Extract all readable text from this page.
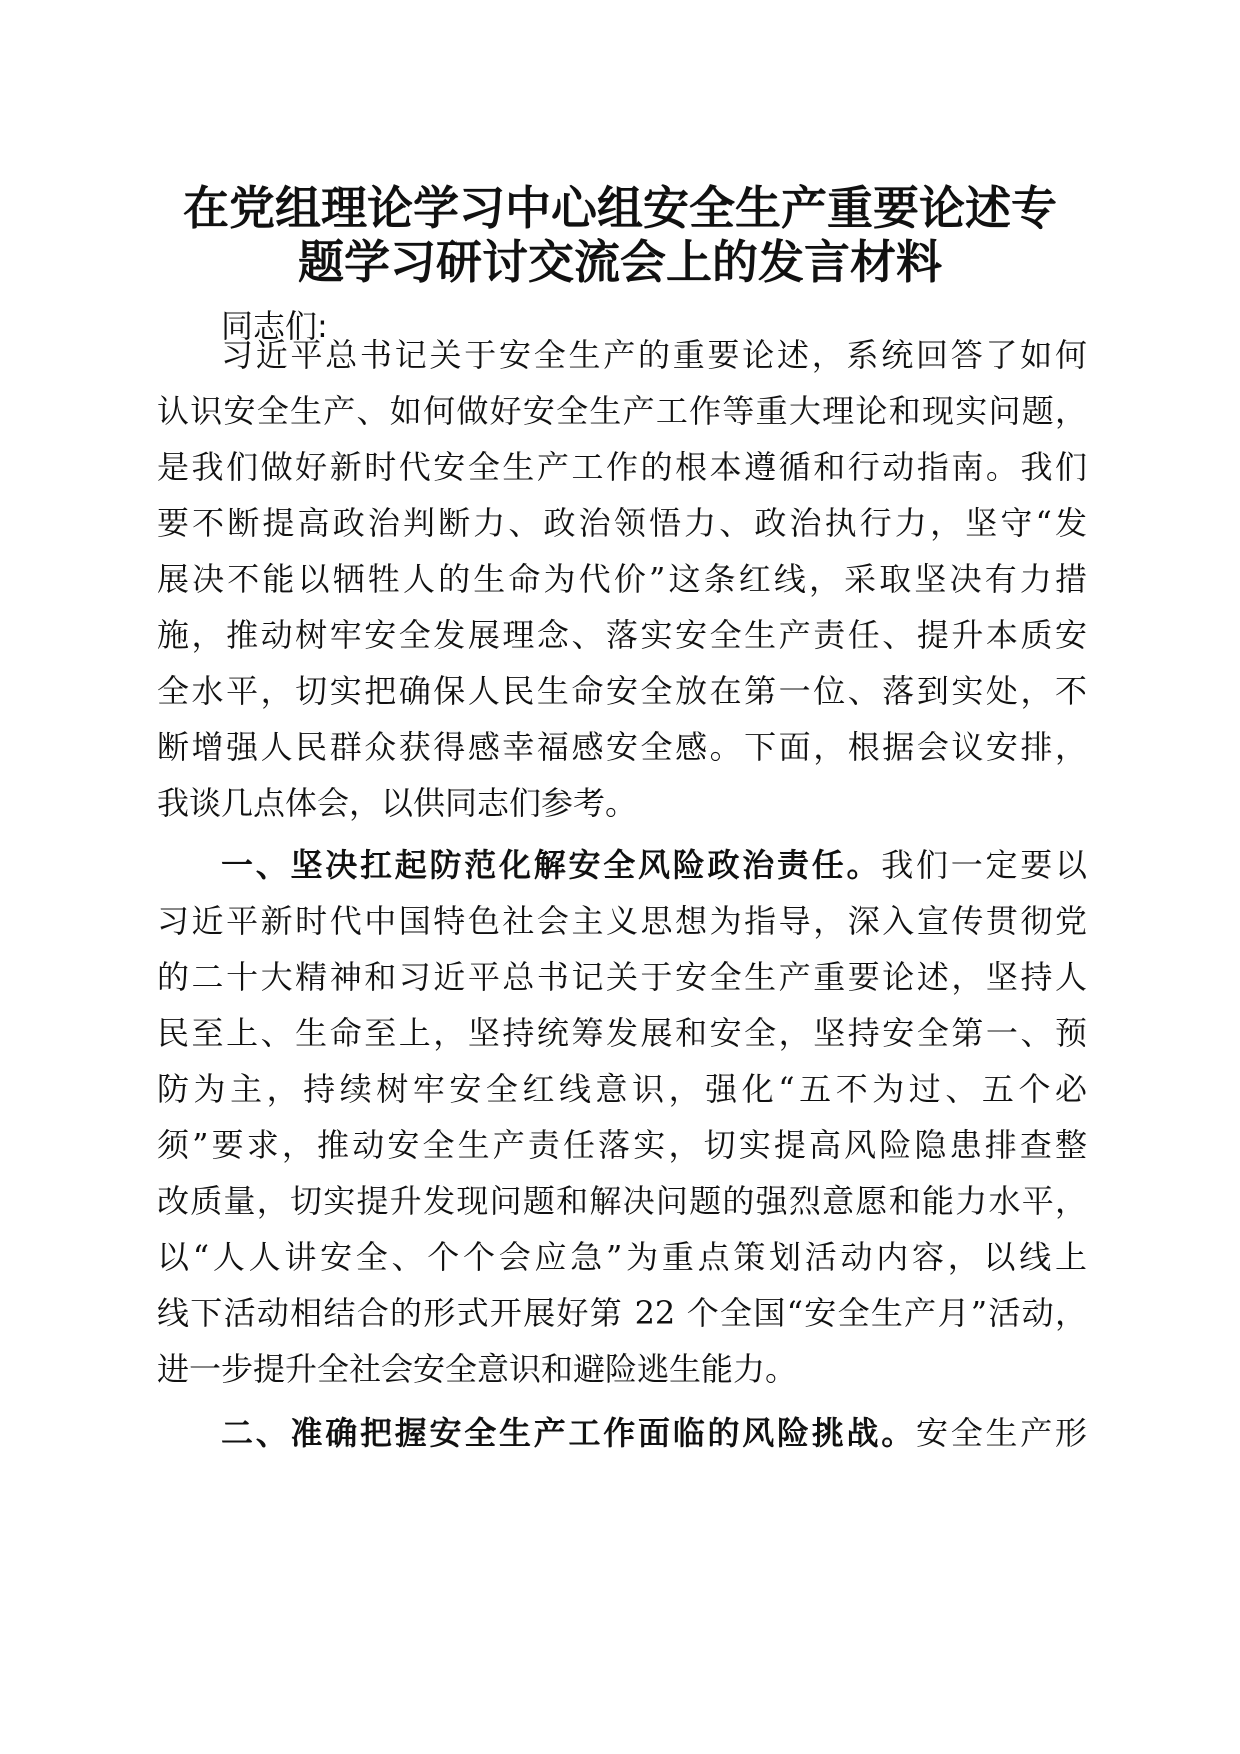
在党组理论学习中心组安全生产重要论述专
题学习研讨交流会上的发言材料
同志们:
习近平总书记关于安全生产的重要论述，系统回答了如何
认识安全生产、如何做好安全生产工作等重大理论和现实问题，
是我们做好新时代安全生产工作的根本遵循和行动指南。我们
要不断提高政治判断力、政治领悟力、政治执行力，坚守“发
展决不能以牺牲人的生命为代价”这条红线，采取坚决有力措
施，推动树牢安全发展理念、落实安全生产责任、提升本质安
全水平，切实把确保人民生命安全放在第一位、落到实处，不
断增强人民群众获得感幸福感安全感。下面，根据会议安排，
我谈几点体会，以供同志们参考。
一、坚决扛起防范化解安全风险政治责任。我们一定要以
习近平新时代中国特色社会主义思想为指导，深入宣传贯彻党
的二十大精神和习近平总书记关于安全生产重要论述，坚持人
民至上、生命至上，坚持统筹发展和安全，坚持安全第一、预
防为主，持续树牢安全红线意识，强化“五不为过、五个必
须”要求，推动安全生产责任落实，切实提高风险隐患排查整
改质量，切实提升发现问题和解决问题的强烈意愿和能力水平，
以“人人讲安全、个个会应急”为重点策划活动内容，以线上
线下活动相结合的形式开展好第 22 个全国“安全生产月”活动，
进一步提升全社会安全意识和避险逃生能力。
二、准确把握安全生产工作面临的风险挑战。安全生产形
